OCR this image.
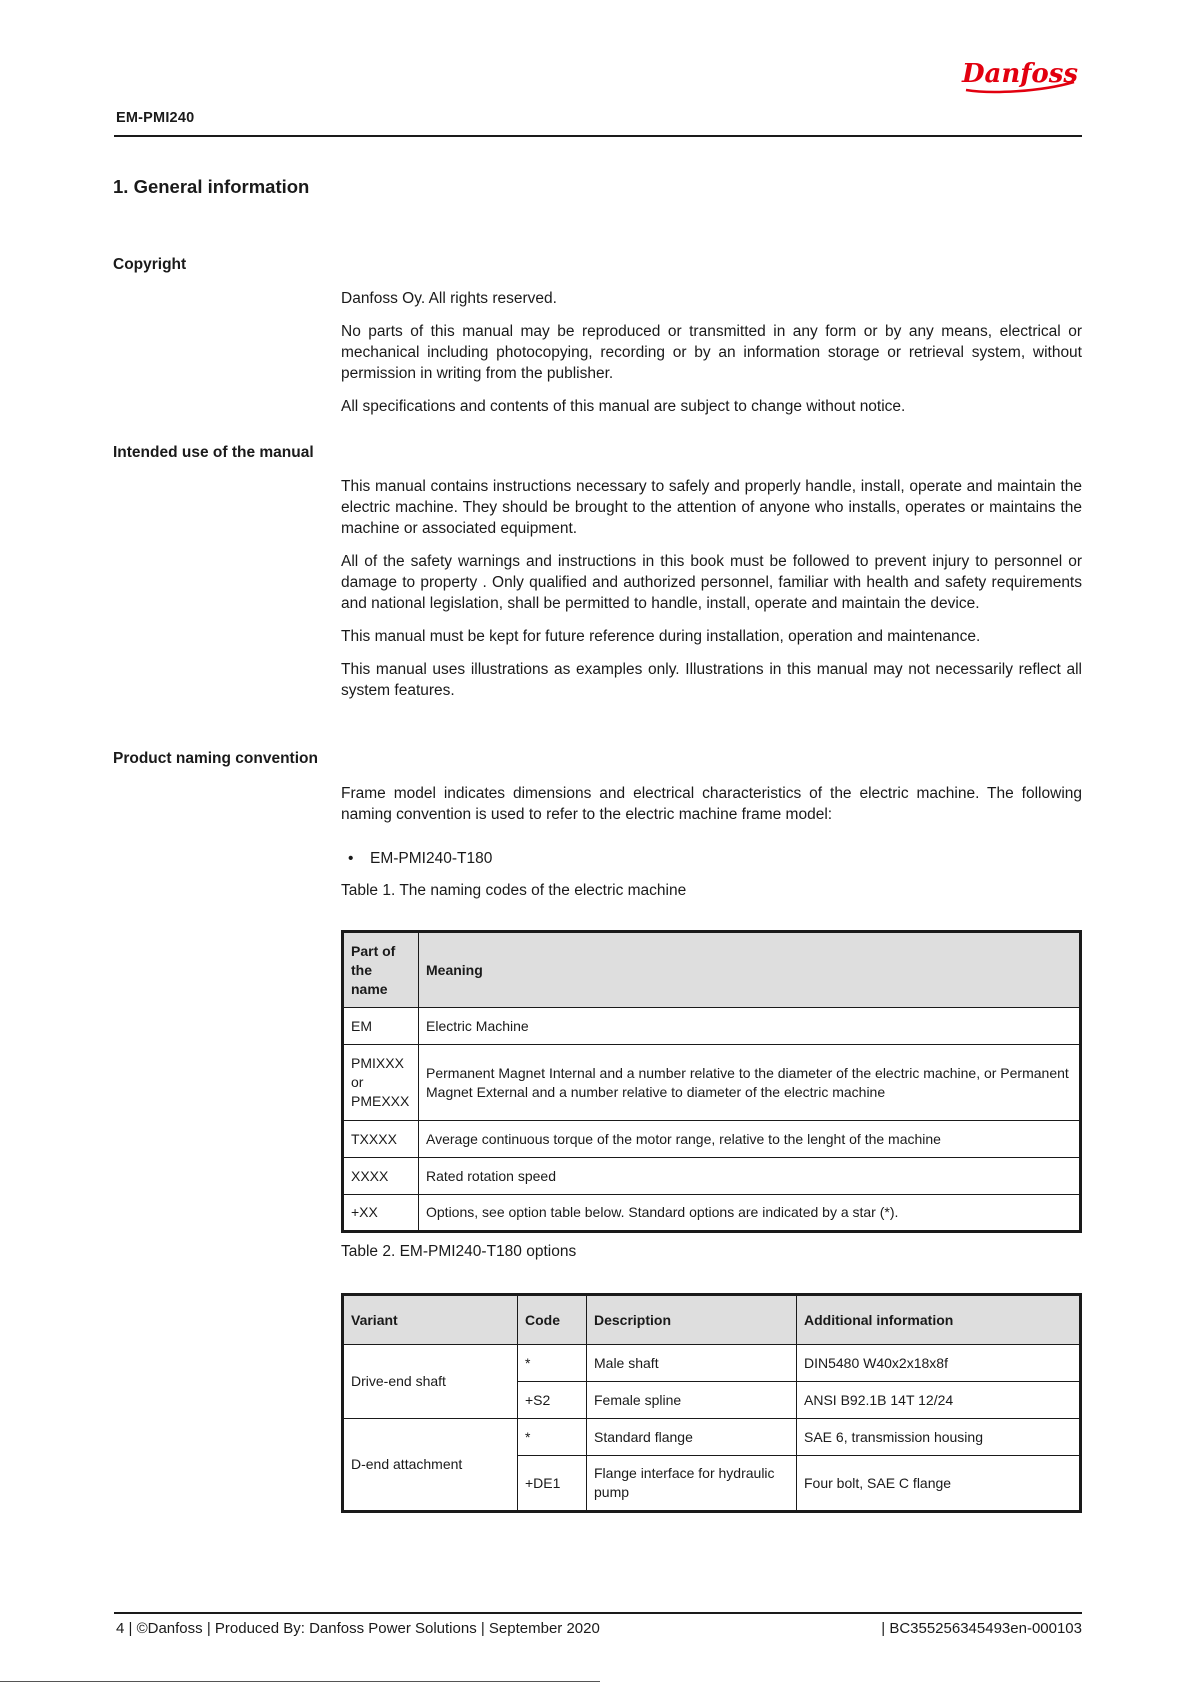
Danfoss
EM-PMI240
1. General information
Copyright

Danfoss Oy. All rights reserved.

No parts of this manual may be reproduced or transmitted in any form or by any means, electrical or mechanical including photocopying, recording or by an information storage or retrieval system, without permission in writing from the publisher.

All specifications and contents of this manual are subject to change without notice.

Intended use of the manual

This manual contains instructions necessary to safely and properly handle, install, operate and maintain the electric machine. They should be brought to the attention of anyone who installs, operates or maintains the machine or associated equipment.

All of the safety warnings and instructions in this book must be followed to prevent injury to personnel or damage to property . Only qualified and authorized personnel, familiar with health and safety requirements and national legislation, shall be permitted to handle, install, operate and maintain the device.

This manual must be kept for future reference during installation, operation and maintenance.

This manual uses illustrations as examples only. Illustrations in this manual may not necessarily reflect all system features.

Product naming convention

Frame model indicates dimensions and electrical characteristics of the electric machine. The following naming convention is used to refer to the electric machine frame model:

• EM-PMI240-T180
Table 1. The naming codes of the electric machine
Part of the name	Meaning
EM	Electric Machine
PMIXXX or PMEXXX	Permanent Magnet Internal and a number relative to the diameter of the electric machine, or Permanent Magnet External and a number relative to diameter of the electric machine
TXXXX	Average continuous torque of the motor range, relative to the lenght of the machine
XXXX	Rated rotation speed
+XX	Options, see option table below. Standard options are indicated by a star (*).
Table 2. EM-PMI240-T180 options
Variant	Code	Description	Additional information
Drive-end shaft	*	Male shaft	DIN5480 W40x2x18x8f
	+S2	Female spline	ANSI B92.1B 14T 12/24
D-end attachment	*	Standard flange	SAE 6, transmission housing
	+DE1	Flange interface for hydraulic pump	Four bolt, SAE C flange
4 | ©Danfoss | Produced By: Danfoss Power Solutions | September 2020	| BC355256345493en-000103
